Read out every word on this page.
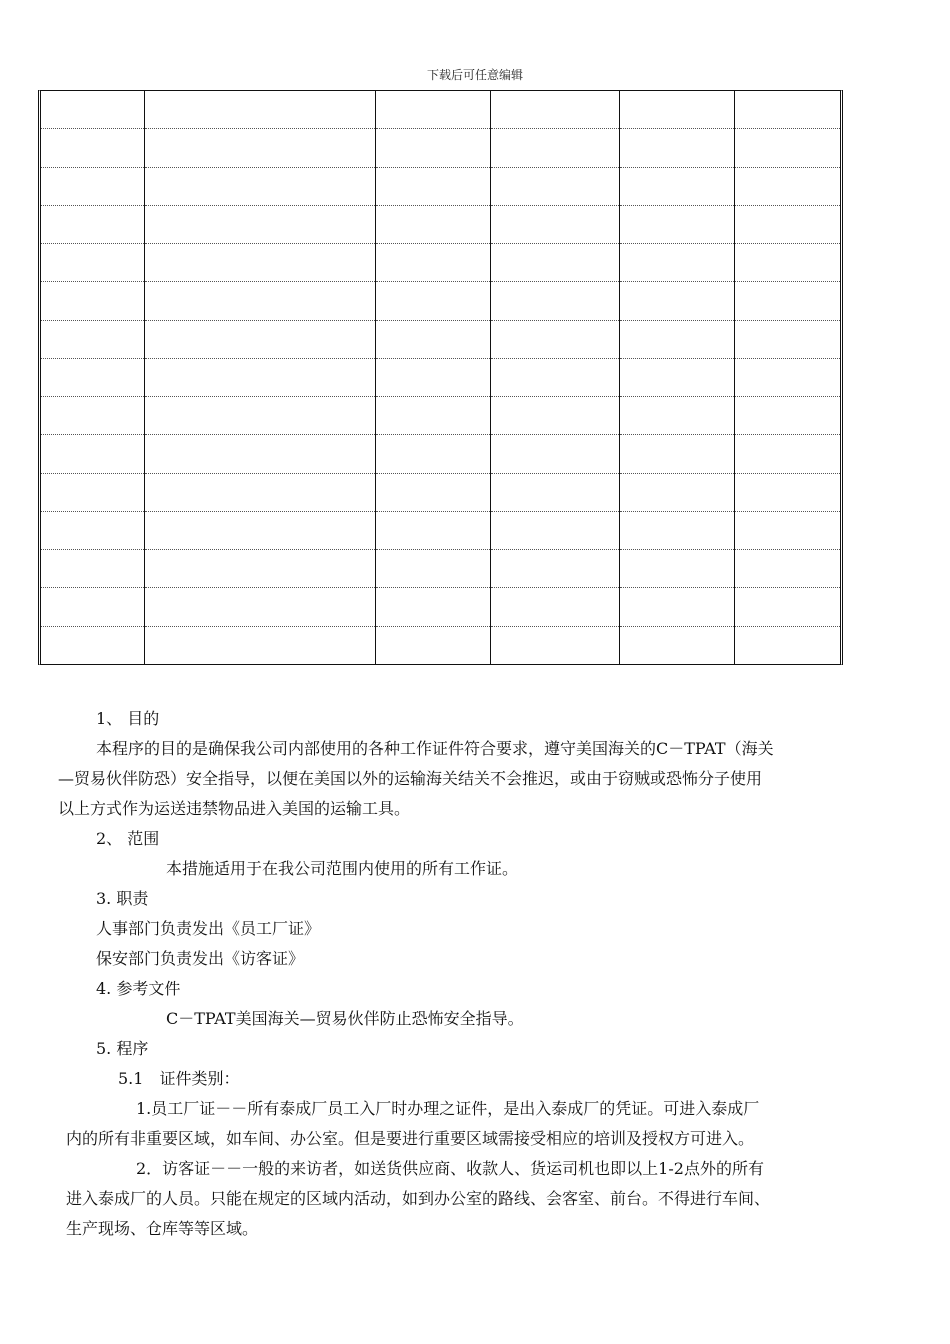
下载后可任意编辑

1、 目的
本程序的目的是确保我公司内部使用的各种工作证件符合要求，遵守美国海关的C－TPAT（海关
—贸易伙伴防恐）安全指导，以便在美国以外的运输海关结关不会推迟，或由于窃贼或恐怖分子使用
以上方式作为运送违禁物品进入美国的运输工具。
2、 范围
本措施适用于在我公司范围内使用的所有工作证。
3. 职责
人事部门负责发出《员工厂证》
保安部门负责发出《访客证》
4. 参考文件
C－TPAT美国海关—贸易伙伴防止恐怖安全指导。
5. 程序
5.1　证件类别：
1.员工厂证－－所有泰成厂员工入厂时办理之证件，是出入泰成厂的凭证。可进入泰成厂
内的所有非重要区域，如车间、办公室。但是要进行重要区域需接受相应的培训及授权方可进入。
2．访客证－－一般的来访者，如送货供应商、收款人、货运司机也即以上1-2点外的所有
进入泰成厂的人员。只能在规定的区域内活动，如到办公室的路线、会客室、前台。不得进行车间、
生产现场、仓库等等区域。
